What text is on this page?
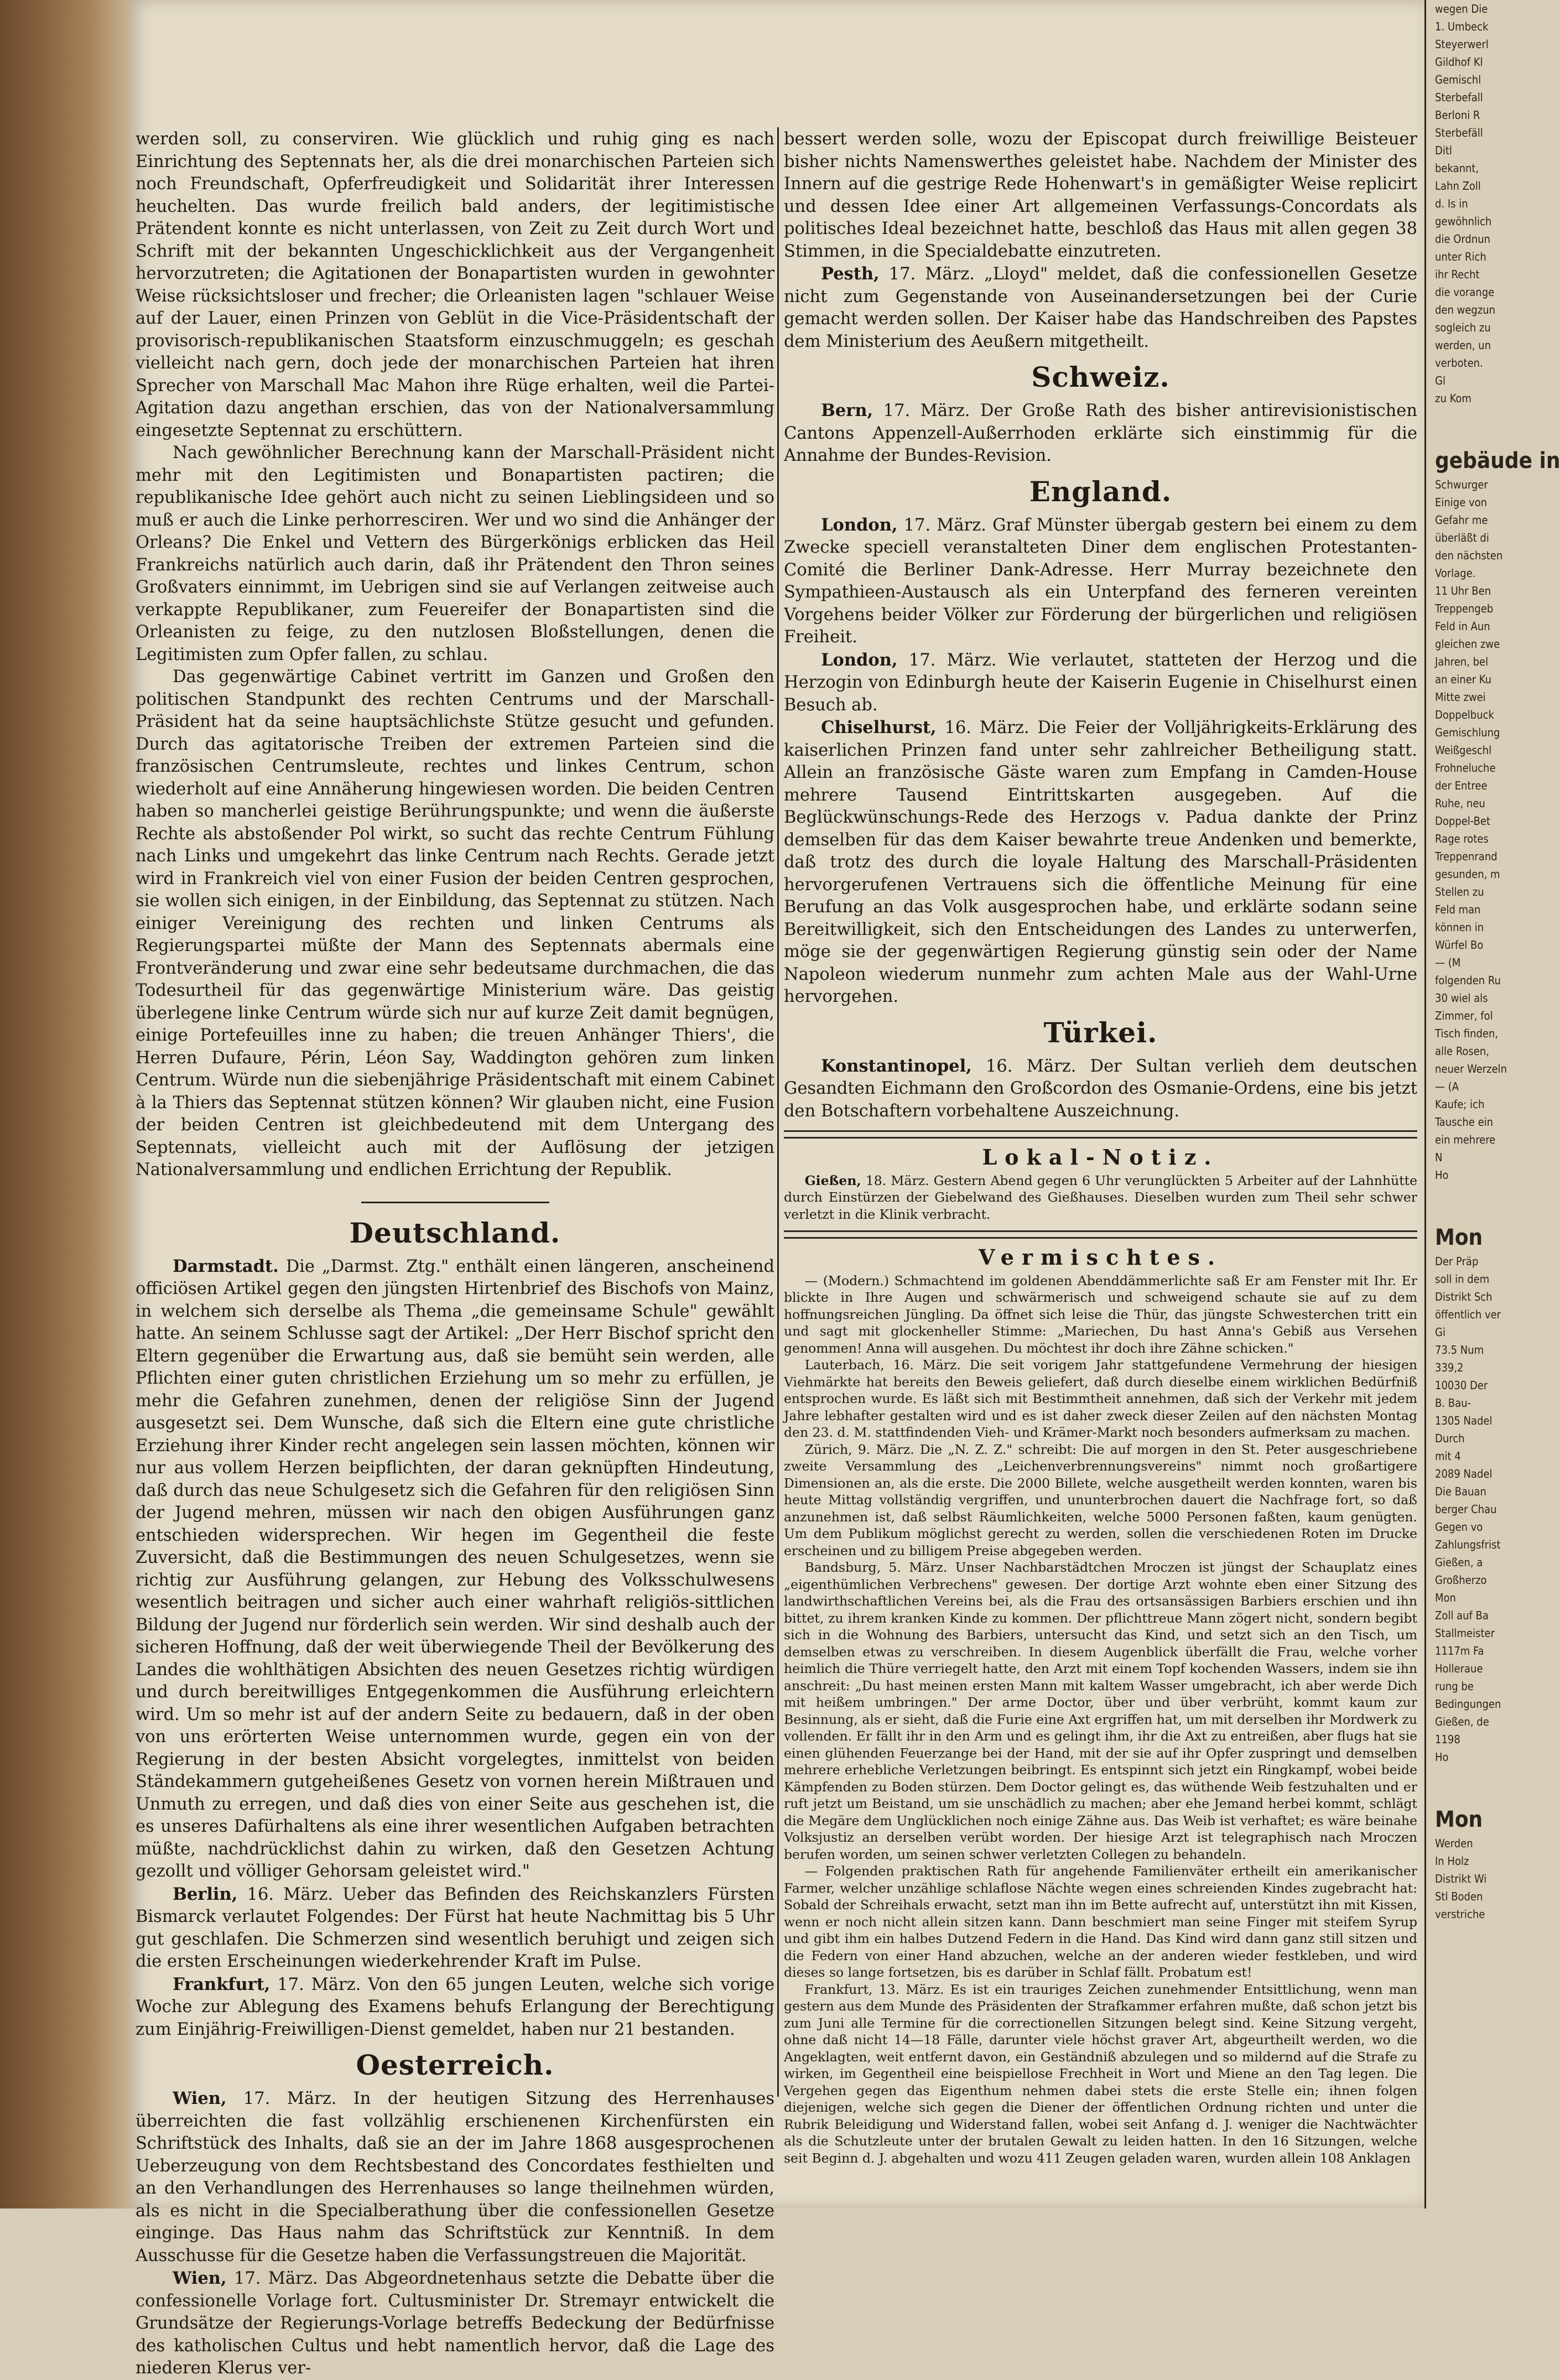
werden soll, zu conserviren. Wie glücklich und ruhig ging es nach Einrichtung des Septennats her, als die drei monarchischen Parteien sich noch Freundschaft, Opferfreudigkeit und Solidarität ihrer Interessen heuchelten. Das wurde freilich bald anders, der legitimistische Prätendent konnte es nicht unterlassen, von Zeit zu Zeit durch Wort und Schrift mit der bekannten Ungeschicklichkeit aus der Vergangenheit hervorzutreten; die Agitationen der Bonapartisten wurden in gewohnter Weise rücksichtsloser und frecher; die Orleanisten lagen "schlauer Weise auf der Lauer, einen Prinzen von Geblüt in die Vice-Präsidentschaft der provisorisch-republikanischen Staatsform einzuschmuggeln; es geschah vielleicht nach gern, doch jede der monarchischen Parteien hat ihren Sprecher von Marschall Mac Mahon ihre Rüge erhalten, weil die Partei-Agitation dazu angethan erschien, das von der Nationalversammlung eingesetzte Septennat zu erschüttern.

Nach gewöhnlicher Berechnung kann der Marschall-Präsident nicht mehr mit den Legitimisten und Bonapartisten pactiren; die republikanische Idee gehört auch nicht zu seinen Lieblingsideen und so muß er auch die Linke perhorresciren. Wer und wo sind die Anhänger der Orleans? Die Enkel und Vettern des Bürgerkönigs erblicken das Heil Frankreichs natürlich auch darin, daß ihr Prätendent den Thron seines Großvaters einnimmt, im Uebrigen sind sie auf Verlangen zeitweise auch verkappte Republikaner, zum Feuereifer der Bonapartisten sind die Orleanisten zu feige, zu den nutzlosen Bloßstellungen, denen die Legitimisten zum Opfer fallen, zu schlau.

Das gegenwärtige Cabinet vertritt im Ganzen und Großen den politischen Standpunkt des rechten Centrums und der Marschall-Präsident hat da seine hauptsächlichste Stütze gesucht und gefunden. Durch das agitatorische Treiben der extremen Parteien sind die französischen Centrumsleute, rechtes und linkes Centrum, schon wiederholt auf eine Annäherung hingewiesen worden. Die beiden Centren haben so mancherlei geistige Berührungspunkte; und wenn die äußerste Rechte als abstoßender Pol wirkt, so sucht das rechte Centrum Fühlung nach Links und umgekehrt das linke Centrum nach Rechts. Gerade jetzt wird in Frankreich viel von einer Fusion der beiden Centren gesprochen, sie wollen sich einigen, in der Einbildung, das Septennat zu stützen. Nach einiger Vereinigung des rechten und linken Centrums als Regierungspartei müßte der Mann des Septennats abermals eine Frontveränderung und zwar eine sehr bedeutsame durchmachen, die das Todesurtheil für das gegenwärtige Ministerium wäre. Das geistig überlegene linke Centrum würde sich nur auf kurze Zeit damit begnügen, einige Portefeuilles inne zu haben; die treuen Anhänger Thiers', die Herren Dufaure, Périn, Léon Say, Waddington gehören zum linken Centrum. Würde nun die siebenjährige Präsidentschaft mit einem Cabinet à la Thiers das Septennat stützen können? Wir glauben nicht, eine Fusion der beiden Centren ist gleichbedeutend mit dem Untergang des Septennats, vielleicht auch mit der Auflösung der jetzigen Nationalversammlung und endlichen Errichtung der Republik.

Deutschland.

Darmstadt. Die „Darmst. Ztg." enthält einen längeren, anscheinend officiösen Artikel gegen den jüngsten Hirtenbrief des Bischofs von Mainz, in welchem sich derselbe als Thema „die gemeinsame Schule" gewählt hatte. An seinem Schlusse sagt der Artikel: „Der Herr Bischof spricht den Eltern gegenüber die Erwartung aus, daß sie bemüht sein werden, alle Pflichten einer guten christlichen Erziehung um so mehr zu erfüllen, je mehr die Gefahren zunehmen, denen der religiöse Sinn der Jugend ausgesetzt sei. Dem Wunsche, daß sich die Eltern eine gute christliche Erziehung ihrer Kinder recht angelegen sein lassen möchten, können wir nur aus vollem Herzen beipflichten, der daran geknüpften Hindeutung, daß durch das neue Schulgesetz sich die Gefahren für den religiösen Sinn der Jugend mehren, müssen wir nach den obigen Ausführungen ganz entschieden widersprechen. Wir hegen im Gegentheil die feste Zuversicht, daß die Bestimmungen des neuen Schulgesetzes, wenn sie richtig zur Ausführung gelangen, zur Hebung des Volksschulwesens wesentlich beitragen und sicher auch einer wahrhaft religiös-sittlichen Bildung der Jugend nur förderlich sein werden. Wir sind deshalb auch der sicheren Hoffnung, daß der weit überwiegende Theil der Bevölkerung des Landes die wohlthätigen Absichten des neuen Gesetzes richtig würdigen und durch bereitwilliges Entgegenkommen die Ausführung erleichtern wird. Um so mehr ist auf der andern Seite zu bedauern, daß in der oben von uns erörterten Weise unternommen wurde, gegen ein von der Regierung in der besten Absicht vorgelegtes, inmittelst von beiden Ständekammern gutgeheißenes Gesetz von vornen herein Mißtrauen und Unmuth zu erregen, und daß dies von einer Seite aus geschehen ist, die es unseres Dafürhaltens als eine ihrer wesentlichen Aufgaben betrachten müßte, nachdrücklichst dahin zu wirken, daß den Gesetzen Achtung gezollt und völliger Gehorsam geleistet wird."

Berlin, 16. März. Ueber das Befinden des Reichskanzlers Fürsten Bismarck verlautet Folgendes: Der Fürst hat heute Nachmittag bis 5 Uhr gut geschlafen. Die Schmerzen sind wesentlich beruhigt und zeigen sich die ersten Erscheinungen wiederkehrender Kraft im Pulse.

Frankfurt, 17. März. Von den 65 jungen Leuten, welche sich vorige Woche zur Ablegung des Examens behufs Erlangung der Berechtigung zum Einjährig-Freiwilligen-Dienst gemeldet, haben nur 21 bestanden.

Oesterreich.

Wien, 17. März. In der heutigen Sitzung des Herrenhauses überreichten die fast vollzählig erschienenen Kirchenfürsten ein Schriftstück des Inhalts, daß sie an der im Jahre 1868 ausgesprochenen Ueberzeugung von dem Rechtsbestand des Concordates festhielten und an den Verhandlungen des Herrenhauses so lange theilnehmen würden, als es nicht in die Specialberathung über die confessionellen Gesetze einginge. Das Haus nahm das Schriftstück zur Kenntniß. In dem Ausschusse für die Gesetze haben die Verfassungstreuen die Majorität.

Wien, 17. März. Das Abgeordnetenhaus setzte die Debatte über die confessionelle Vorlage fort. Cultusminister Dr. Stremayr entwickelt die Grundsätze der Regierungs-Vorlage betreffs Bedeckung der Bedürfnisse des katholischen Cultus und hebt namentlich hervor, daß die Lage des niederen Klerus ver-

bessert werden solle, wozu der Episcopat durch freiwillige Beisteuer bisher nichts Namenswerthes geleistet habe. Nachdem der Minister des Innern auf die gestrige Rede Hohenwart's in gemäßigter Weise replicirt und dessen Idee einer Art allgemeinen Verfassungs-Concordats als politisches Ideal bezeichnet hatte, beschloß das Haus mit allen gegen 38 Stimmen, in die Specialdebatte einzutreten.

Pesth, 17. März. „Lloyd" meldet, daß die confessionellen Gesetze nicht zum Gegenstande von Auseinandersetzungen bei der Curie gemacht werden sollen. Der Kaiser habe das Handschreiben des Papstes dem Ministerium des Aeußern mitgetheilt.

Schweiz.

Bern, 17. März. Der Große Rath des bisher antirevisionistischen Cantons Appenzell-Außerrhoden erklärte sich einstimmig für die Annahme der Bundes-Revision.

England.

London, 17. März. Graf Münster übergab gestern bei einem zu dem Zwecke speciell veranstalteten Diner dem englischen Protestanten-Comité die Berliner Dank-Adresse. Herr Murray bezeichnete den Sympathieen-Austausch als ein Unterpfand des ferneren vereinten Vorgehens beider Völker zur Förderung der bürgerlichen und religiösen Freiheit.

London, 17. März. Wie verlautet, statteten der Herzog und die Herzogin von Edinburgh heute der Kaiserin Eugenie in Chiselhurst einen Besuch ab.

Chiselhurst, 16. März. Die Feier der Volljährigkeits-Erklärung des kaiserlichen Prinzen fand unter sehr zahlreicher Betheiligung statt. Allein an französische Gäste waren zum Empfang in Camden-House mehrere Tausend Eintrittskarten ausgegeben. Auf die Beglückwünschungs-Rede des Herzogs v. Padua dankte der Prinz demselben für das dem Kaiser bewahrte treue Andenken und bemerkte, daß trotz des durch die loyale Haltung des Marschall-Präsidenten hervorgerufenen Vertrauens sich die öffentliche Meinung für eine Berufung an das Volk ausgesprochen habe, und erklärte sodann seine Bereitwilligkeit, sich den Entscheidungen des Landes zu unterwerfen, möge sie der gegenwärtigen Regierung günstig sein oder der Name Napoleon wiederum nunmehr zum achten Male aus der Wahl-Urne hervorgehen.

Türkei.

Konstantinopel, 16. März. Der Sultan verlieh dem deutschen Gesandten Eichmann den Großcordon des Osmanie-Ordens, eine bis jetzt den Botschaftern vorbehaltene Auszeichnung.

Lokal-Notiz.

Gießen, 18. März. Gestern Abend gegen 6 Uhr verunglückten 5 Arbeiter auf der Lahnhütte durch Einstürzen der Giebelwand des Gießhauses. Dieselben wurden zum Theil sehr schwer verletzt in die Klinik verbracht.

Vermischtes.

— (Modern.) Schmachtend im goldenen Abenddämmerlichte saß Er am Fenster mit Ihr. Er blickte in Ihre Augen und schwärmerisch und schweigend schaute sie auf zu dem hoffnungsreichen Jüngling. Da öffnet sich leise die Thür, das jüngste Schwesterchen tritt ein und sagt mit glockenheller Stimme: „Mariechen, Du hast Anna's Gebiß aus Versehen genommen! Anna will ausgehen. Du möchtest ihr doch ihre Zähne schicken."

Lauterbach, 16. März. Die seit vorigem Jahr stattgefundene Vermehrung der hiesigen Viehmärkte hat bereits den Beweis geliefert, daß durch dieselbe einem wirklichen Bedürfniß entsprochen wurde. Es läßt sich mit Bestimmtheit annehmen, daß sich der Verkehr mit jedem Jahre lebhafter gestalten wird und es ist daher zweck dieser Zeilen auf den nächsten Montag den 23. d. M. stattfindenden Vieh- und Krämer-Markt noch besonders aufmerksam zu machen.

Zürich, 9. März. Die „N. Z. Z." schreibt: Die auf morgen in den St. Peter ausgeschriebene zweite Versammlung des „Leichenverbrennungsvereins" nimmt noch großartigere Dimensionen an, als die erste. Die 2000 Billete, welche ausgetheilt werden konnten, waren bis heute Mittag vollständig vergriffen, und ununterbrochen dauert die Nachfrage fort, so daß anzunehmen ist, daß selbst Räumlichkeiten, welche 5000 Personen faßten, kaum genügten. Um dem Publikum möglichst gerecht zu werden, sollen die verschiedenen Roten im Drucke erscheinen und zu billigem Preise abgegeben werden.

Bandsburg, 5. März. Unser Nachbarstädtchen Mroczen ist jüngst der Schauplatz eines „eigenthümlichen Verbrechens" gewesen. Der dortige Arzt wohnte eben einer Sitzung des landwirthschaftlichen Vereins bei, als die Frau des ortsansässigen Barbiers erschien und ihn bittet, zu ihrem kranken Kinde zu kommen. Der pflichttreue Mann zögert nicht, sondern begibt sich in die Wohnung des Barbiers, untersucht das Kind, und setzt sich an den Tisch, um demselben etwas zu verschreiben. In diesem Augenblick überfällt die Frau, welche vorher heimlich die Thüre verriegelt hatte, den Arzt mit einem Topf kochenden Wassers, indem sie ihn anschreit: „Du hast meinen ersten Mann mit kaltem Wasser umgebracht, ich aber werde Dich mit heißem umbringen." Der arme Doctor, über und über verbrüht, kommt kaum zur Besinnung, als er sieht, daß die Furie eine Axt ergriffen hat, um mit derselben ihr Mordwerk zu vollenden. Er fällt ihr in den Arm und es gelingt ihm, ihr die Axt zu entreißen, aber flugs hat sie einen glühenden Feuerzange bei der Hand, mit der sie auf ihr Opfer zuspringt und demselben mehrere erhebliche Verletzungen beibringt. Es entspinnt sich jetzt ein Ringkampf, wobei beide Kämpfenden zu Boden stürzen. Dem Doctor gelingt es, das wüthende Weib festzuhalten und er ruft jetzt um Beistand, um sie unschädlich zu machen; aber ehe Jemand herbei kommt, schlägt die Megäre dem Unglücklichen noch einige Zähne aus. Das Weib ist verhaftet; es wäre beinahe Volksjustiz an derselben verübt worden. Der hiesige Arzt ist telegraphisch nach Mroczen berufen worden, um seinen schwer verletzten Collegen zu behandeln.

— Folgenden praktischen Rath für angehende Familienväter ertheilt ein amerikanischer Farmer, welcher unzählige schlaflose Nächte wegen eines schreienden Kindes zugebracht hat: Sobald der Schreihals erwacht, setzt man ihn im Bette aufrecht auf, unterstützt ihn mit Kissen, wenn er noch nicht allein sitzen kann. Dann beschmiert man seine Finger mit steifem Syrup und gibt ihm ein halbes Dutzend Federn in die Hand. Das Kind wird dann ganz still sitzen und die Federn von einer Hand abzuchen, welche an der anderen wieder festkleben, und wird dieses so lange fortsetzen, bis es darüber in Schlaf fällt. Probatum est!

Frankfurt, 13. März. Es ist ein trauriges Zeichen zunehmender Entsittlichung, wenn man gestern aus dem Munde des Präsidenten der Strafkammer erfahren mußte, daß schon jetzt bis zum Juni alle Termine für die correctionellen Sitzungen belegt sind. Keine Sitzung vergeht, ohne daß nicht 14—18 Fälle, darunter viele höchst graver Art, abgeurtheilt werden, wo die Angeklagten, weit entfernt davon, ein Geständniß abzulegen und so mildernd auf die Strafe zu wirken, im Gegentheil eine beispiellose Frechheit in Wort und Miene an den Tag legen. Die Vergehen gegen das Eigenthum nehmen dabei stets die erste Stelle ein; ihnen folgen diejenigen, welche sich gegen die Diener der öffentlichen Ordnung richten und unter die Rubrik Beleidigung und Widerstand fallen, wobei seit Anfang d. J. weniger die Nachtwächter als die Schutzleute unter der brutalen Gewalt zu leiden hatten. In den 16 Sitzungen, welche seit Beginn d. J. abgehalten und wozu 411 Zeugen geladen waren, wurden allein 108 Anklagen

wegen Die

1. Umbeck

Steyerwerl

Gildhof Kl

Gemischl

Sterbefall

Berloni R

Sterbefäll

Ditl

bekannt,

Lahn Zoll

d. Is in

gewöhnlich

die Ordnun

unter Rich

ihr Recht

die vorange

den wegzun

sogleich zu

werden, un

verboten.

Gl

zu Kom

gebäude in

Schwurger

Einige von

Gefahr me

überläßt di

den nächsten

Vorlage.

11 Uhr Ben

Treppengeb

Feld in Aun

gleichen zwe

Jahren, bel

an einer Ku

Mitte zwei

Doppelbuck

Gemischlung

Weißgeschl

Frohneluche

der Entree

Ruhe, neu

Doppel-Bet

Rage rotes

Treppenrand

gesunden, m

Stellen zu

Feld man

können in

Würfel Bo

— (M

folgenden Ru

30 wiel als

Zimmer, fol

Tisch finden,

alle Rosen,

neuer Werzeln

— (A

Kaufe; ich

Tausche ein

ein mehrere

N

Ho

Mon

Der Präp

soll in dem

Distrikt Sch

öffentlich ver

Gi

73.5 Num

339,2

10030 Der

B. Bau-

1305 Nadel

Durch

mit 4

2089 Nadel

Die Bauan

berger Chau

Gegen vo

Zahlungsfrist

Gießen, a

Großherzo

Mon

Zoll auf Ba

Stallmeister

1117m Fa

Holleraue

rung be

Bedingungen

Gießen, de

1198

Ho

Mon

Werden

In Holz

Distrikt Wi

Stl Boden

verstriche
